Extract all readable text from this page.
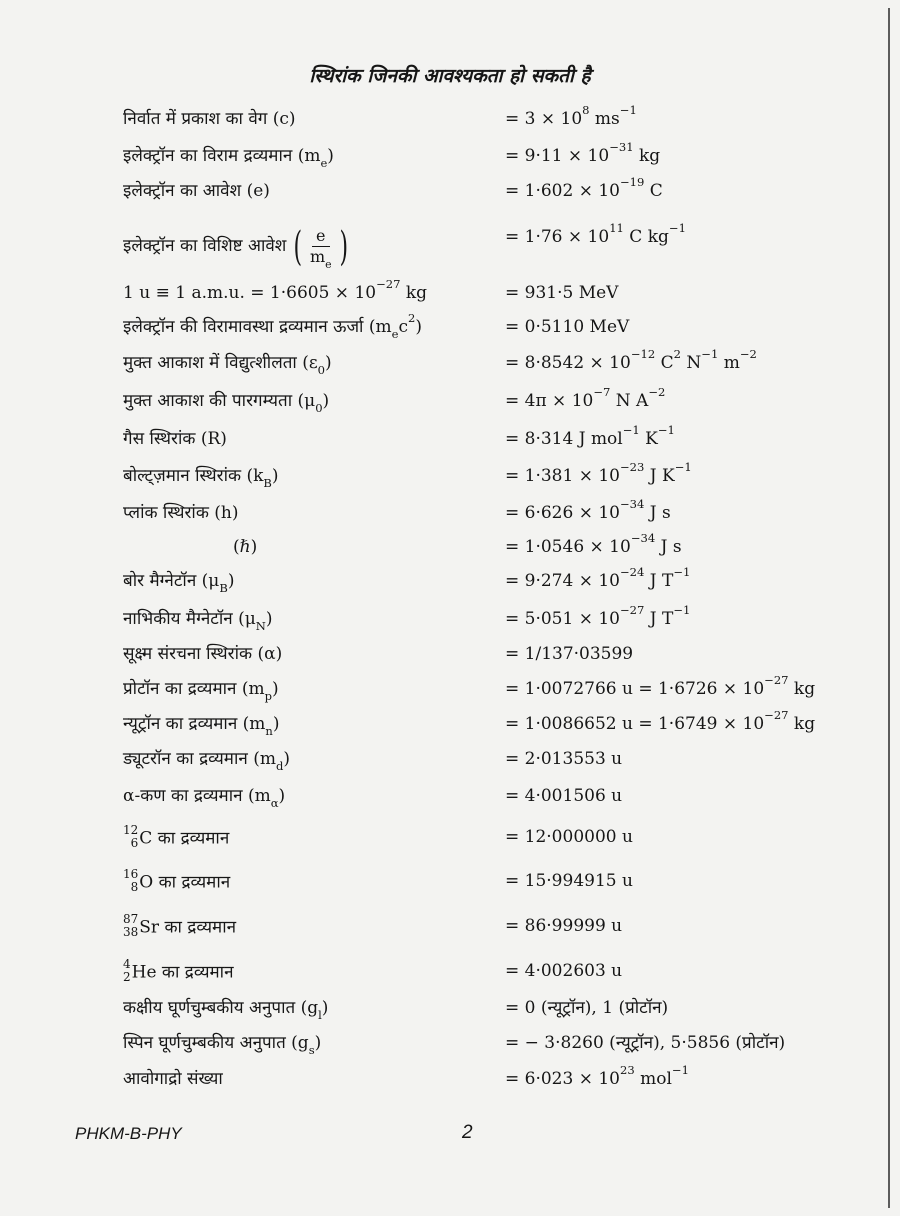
स्थिरांक जिनकी आवश्यकता हो सकती है
निर्वात में प्रकाश का वेग (c)	= $3 \times 10^8$ $ms^{-1}$
इलेक्ट्रॉन का विराम द्रव्यमान $(m_e)$	= $9\cdot 11 \times 10^{-31}$ kg
इलेक्ट्रॉन का आवेश (e)	= $1\cdot 602 \times 10^{-19}$ C
इलेक्ट्रॉन का विशिष्ट आवेश ( $\frac{e}{m_e}$ )	= $1\cdot 76 \times 10^{11}$ C $kg^{-1}$
1 u ≡ 1 a.m.u. = $1\cdot 6605 \times 10^{-27}$ kg	= 931·5 MeV
इलेक्ट्रॉन की विरामावस्था द्रव्यमान ऊर्जा $(m_ec^2)$	= 0·5110 MeV
मुक्त आकाश में विद्युत्शीलता $(\varepsilon_0)$	= $8\cdot 8542 \times 10^{-12}$ $C^2$ $N^{-1}$ $m^{-2}$
मुक्त आकाश की पारगम्यता $(\mu_0)$	= $4\pi \times 10^{-7}$ N $A^{-2}$
गैस स्थिरांक (R)	= 8·314 J mol$^{-1}$ $K^{-1}$
बोल्ट्ज़मान स्थिरांक $(k_B)$	= $1\cdot 381 \times 10^{-23}$ J $K^{-1}$
प्लांक स्थिरांक (h)	= $6\cdot 626 \times 10^{-34}$ J s
(ℏ)	= $1\cdot 0546 \times 10^{-34}$ J s
बोर मैग्नेटॉन $(\mu_B)$	= $9\cdot 274 \times 10^{-24}$ J $T^{-1}$
नाभिकीय मैग्नेटॉन $(\mu_N)$	= $5\cdot 051 \times 10^{-27}$ J $T^{-1}$
सूक्ष्म संरचना स्थिरांक (α)	= 1/137·03599
प्रोटॉन का द्रव्यमान $(m_p)$	= 1·0072766 $u = 1\cdot 6726 \times 10^{-27}$ kg
न्यूट्रॉन का द्रव्यमान $(m_n)$	= 1·0086652 $u = 1\cdot 6749 \times 10^{-27}$ kg
ड्यूटरॉन का द्रव्यमान $(m_d)$	= 2·013553 u
α-कण का द्रव्यमान $(m_\alpha)$	= 4·001506 u
12
6 C का द्रव्यमान	= 12·000000 u
16
8 O का द्रव्यमान	= 15·994915 u
87
38 Sr का द्रव्यमान	= 86·99999 u
4
2 He का द्रव्यमान	= 4·002603 u
कक्षीय घूर्णचुम्बकीय अनुपात $(g_l)$	= 0 (न्यूट्रॉन), 1 (प्रोटॉन)
स्पिन घूर्णचुम्बकीय अनुपात $(g_s)$	= − 3·8260 (न्यूट्रॉन), 5·5856 (प्रोटॉन)
आवोगाद्रो संख्या	= $6\cdot 023 \times 10^{23}$ mol$^{-1}$
PHKM-B-PHY	2
